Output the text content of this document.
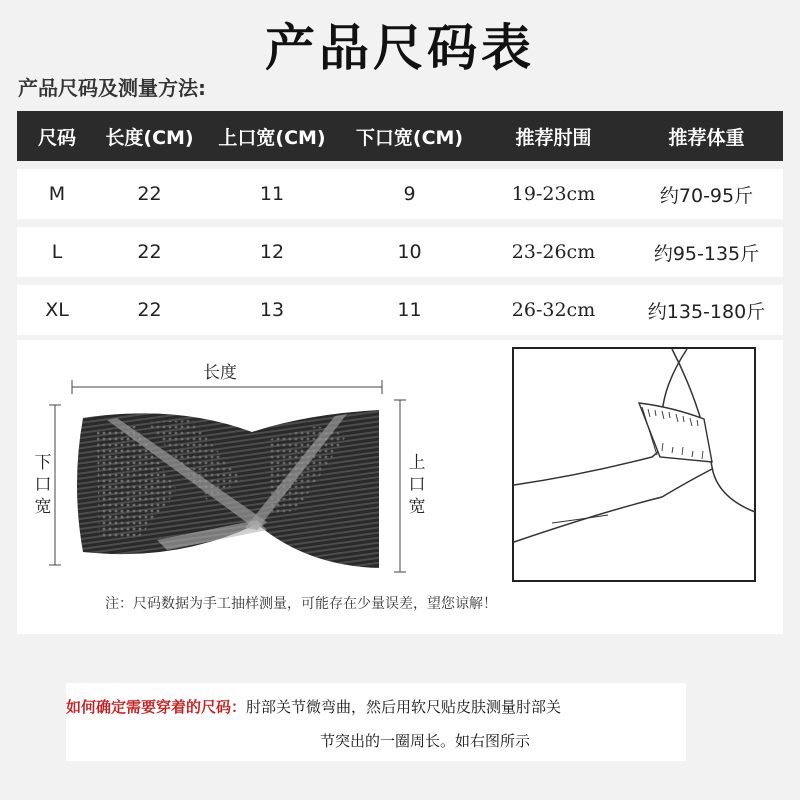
产品尺码表
产品尺码及测量方法:
尺码	长度(CM)	上口宽(CM)	下口宽(CM)	推荐肘围	推荐体重
M	22	11	9	19-23cm	约70-95斤
L	22	12	10	23-26cm	约95-135斤
XL	22	13	11	26-32cm	约135-180斤
长度
下口宽
上口宽
注：尺码数据为手工抽样测量，可能存在少量误差，望您谅解！
如何确定需要穿着的尺码：肘部关节微弯曲，然后用软尺贴皮肤测量肘部关
节突出的一圈周长。如右图所示
